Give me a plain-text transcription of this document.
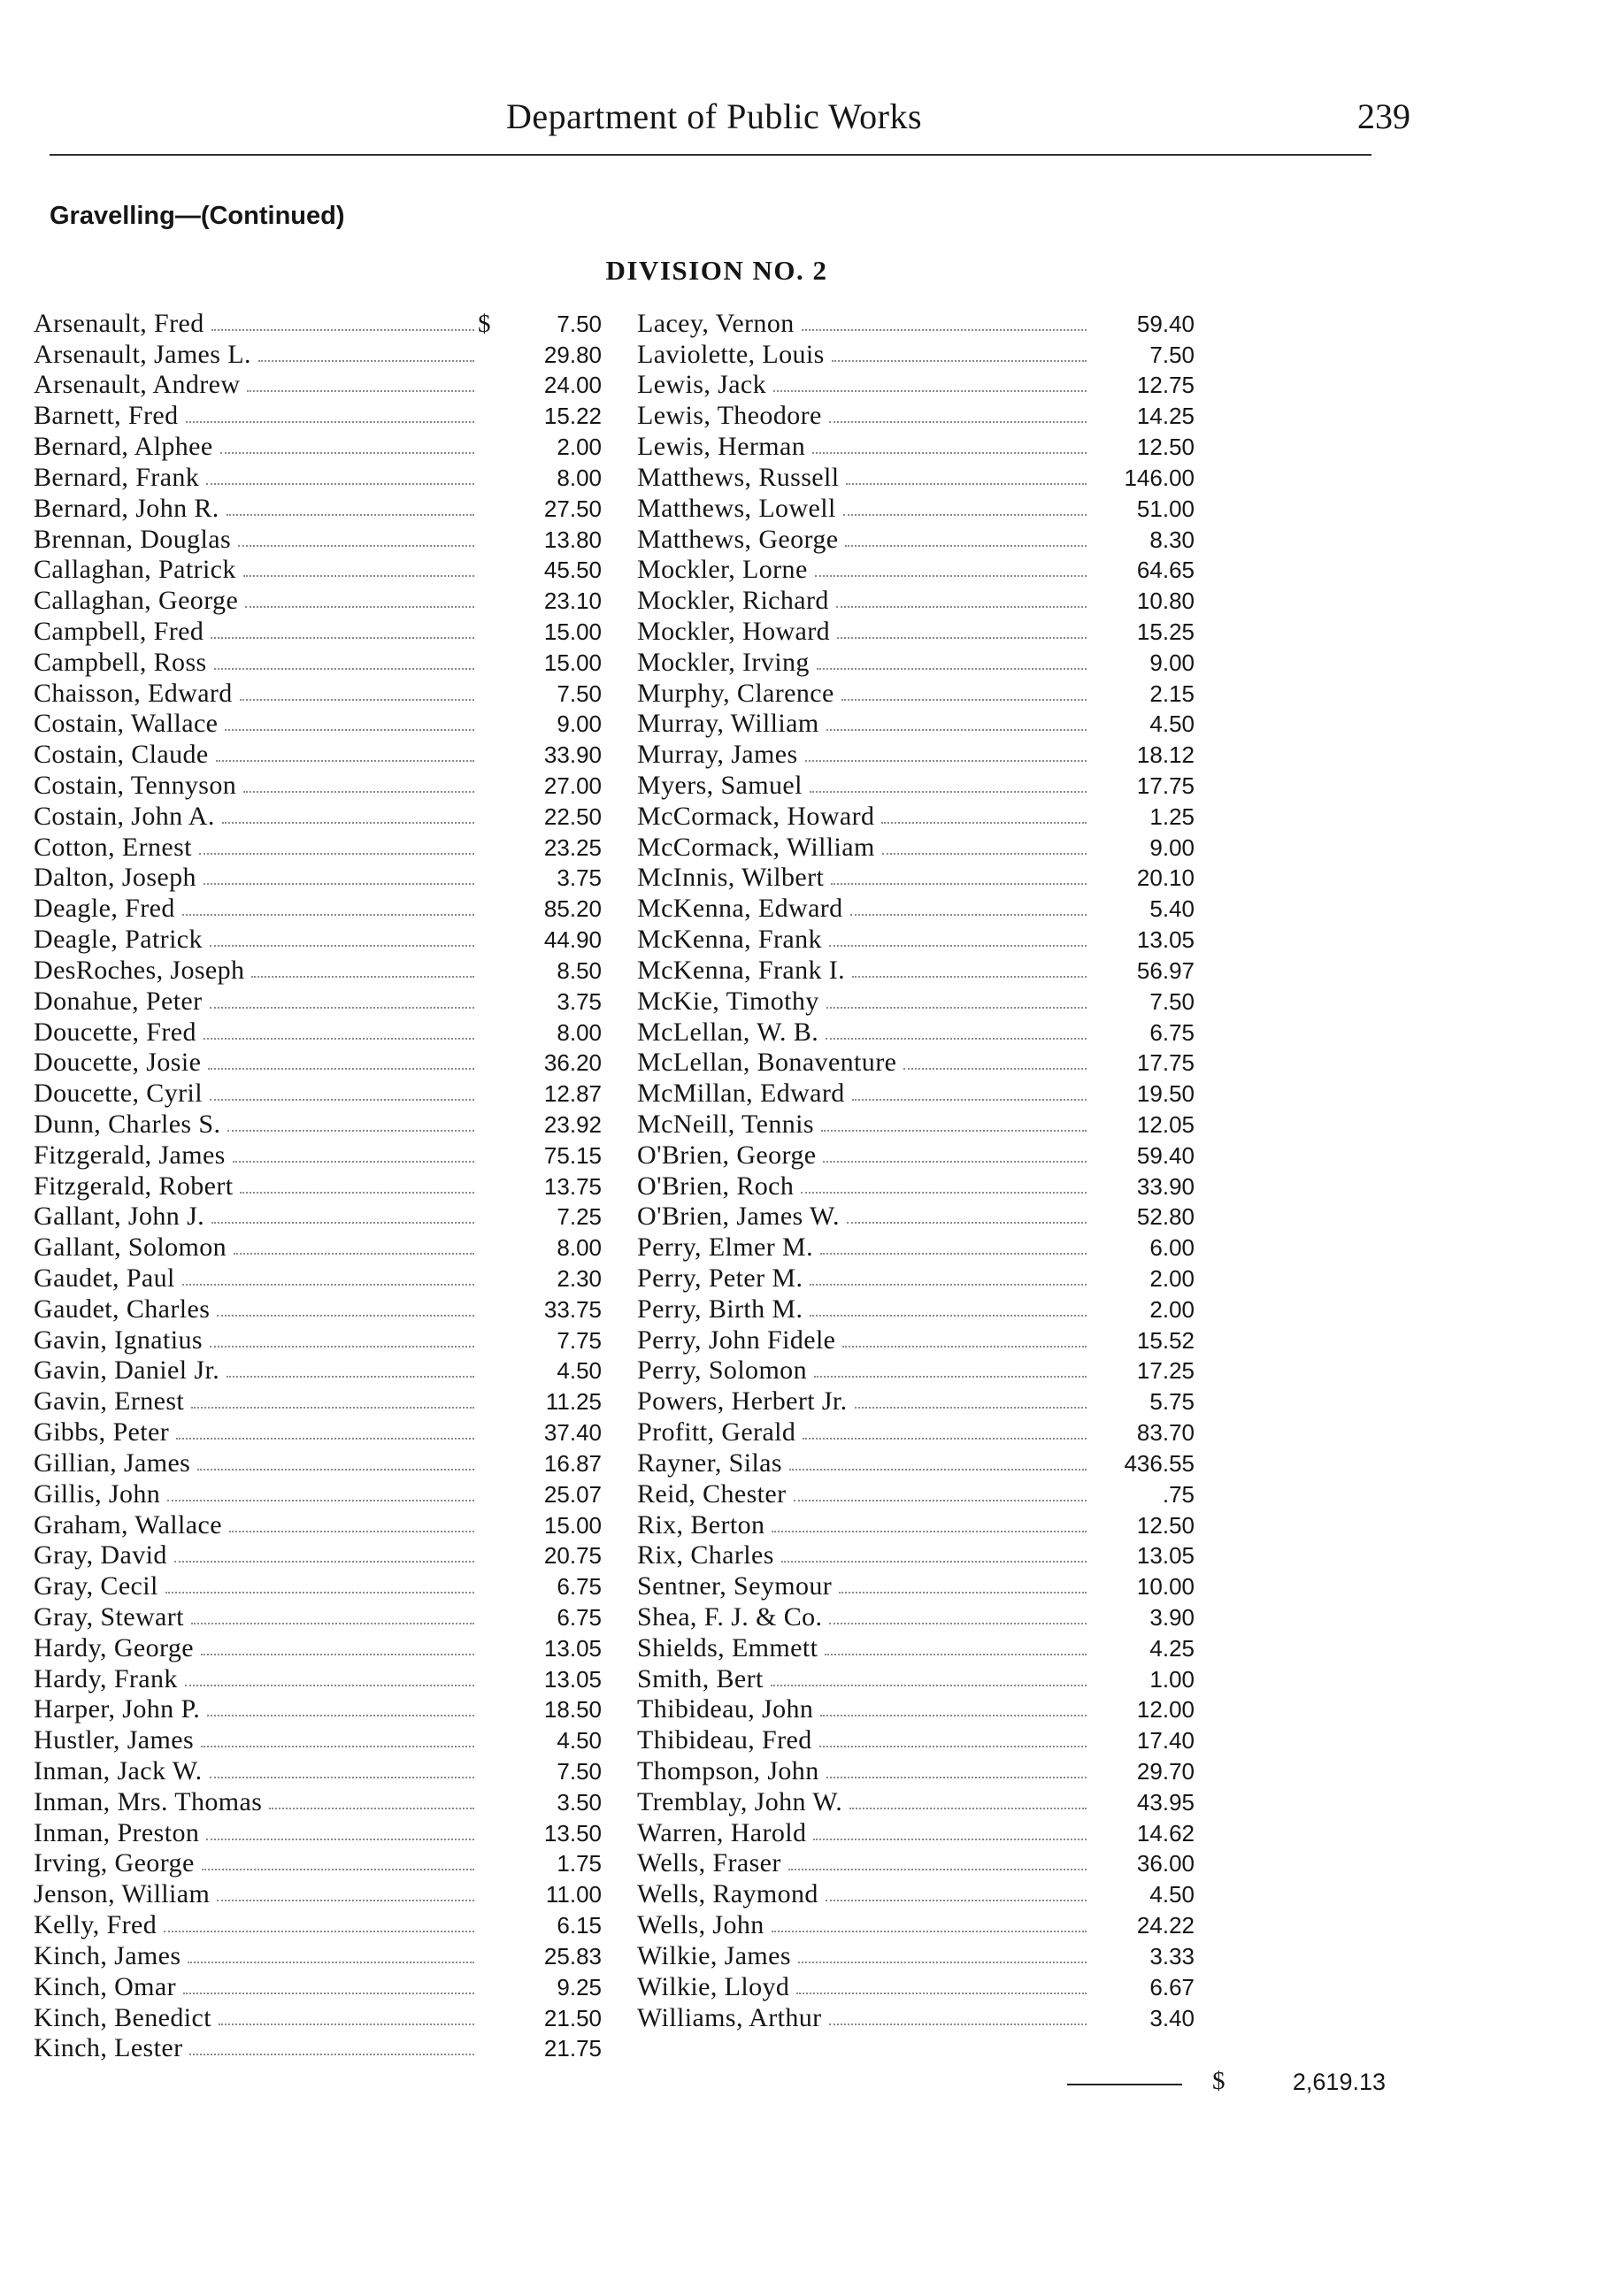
Department of Public Works	239
Gravelling—(Continued)
DIVISION NO. 2
Arsenault, Fred	$	7.50
Arsenault, James L.	29.80
Arsenault, Andrew	24.00
Barnett, Fred	15.22
Bernard, Alphee	2.00
Bernard, Frank	8.00
Bernard, John R.	27.50
Brennan, Douglas	13.80
Callaghan, Patrick	45.50
Callaghan, George	23.10
Campbell, Fred	15.00
Campbell, Ross	15.00
Chaisson, Edward	7.50
Costain, Wallace	9.00
Costain, Claude	33.90
Costain, Tennyson	27.00
Costain, John A.	22.50
Cotton, Ernest	23.25
Dalton, Joseph	3.75
Deagle, Fred	85.20
Deagle, Patrick	44.90
DesRoches, Joseph	8.50
Donahue, Peter	3.75
Doucette, Fred	8.00
Doucette, Josie	36.20
Doucette, Cyril	12.87
Dunn, Charles S.	23.92
Fitzgerald, James	75.15
Fitzgerald, Robert	13.75
Gallant, John J.	7.25
Gallant, Solomon	8.00
Gaudet, Paul	2.30
Gaudet, Charles	33.75
Gavin, Ignatius	7.75
Gavin, Daniel Jr.	4.50
Gavin, Ernest	11.25
Gibbs, Peter	37.40
Gillian, James	16.87
Gillis, John	25.07
Graham, Wallace	15.00
Gray, David	20.75
Gray, Cecil	6.75
Gray, Stewart	6.75
Hardy, George	13.05
Hardy, Frank	13.05
Harper, John P.	18.50
Hustler, James	4.50
Inman, Jack W.	7.50
Inman, Mrs. Thomas	3.50
Inman, Preston	13.50
Irving, George	1.75
Jenson, William	11.00
Kelly, Fred	6.15
Kinch, James	25.83
Kinch, Omar	9.25
Kinch, Benedict	21.50
Kinch, Lester	21.75
Lacey, Vernon	59.40
Laviolette, Louis	7.50
Lewis, Jack	12.75
Lewis, Theodore	14.25
Lewis, Herman	12.50
Matthews, Russell	146.00
Matthews, Lowell	51.00
Matthews, George	8.30
Mockler, Lorne	64.65
Mockler, Richard	10.80
Mockler, Howard	15.25
Mockler, Irving	9.00
Murphy, Clarence	2.15
Murray, William	4.50
Murray, James	18.12
Myers, Samuel	17.75
McCormack, Howard	1.25
McCormack, William	9.00
McInnis, Wilbert	20.10
McKenna, Edward	5.40
McKenna, Frank	13.05
McKenna, Frank I.	56.97
McKie, Timothy	7.50
McLellan, W. B.	6.75
McLellan, Bonaventure	17.75
McMillan, Edward	19.50
McNeill, Tennis	12.05
O'Brien, George	59.40
O'Brien, Roch	33.90
O'Brien, James W.	52.80
Perry, Elmer M.	6.00
Perry, Peter M.	2.00
Perry, Birth M.	2.00
Perry, John Fidele	15.52
Perry, Solomon	17.25
Powers, Herbert Jr.	5.75
Profitt, Gerald	83.70
Rayner, Silas	436.55
Reid, Chester	.75
Rix, Berton	12.50
Rix, Charles	13.05
Sentner, Seymour	10.00
Shea, F. J. & Co.	3.90
Shields, Emmett	4.25
Smith, Bert	1.00
Thibideau, John	12.00
Thibideau, Fred	17.40
Thompson, John	29.70
Tremblay, John W.	43.95
Warren, Harold	14.62
Wells, Fraser	36.00
Wells, Raymond	4.50
Wells, John	24.22
Wilkie, James	3.33
Wilkie, Lloyd	6.67
Williams, Arthur	3.40
$	2,619.13
